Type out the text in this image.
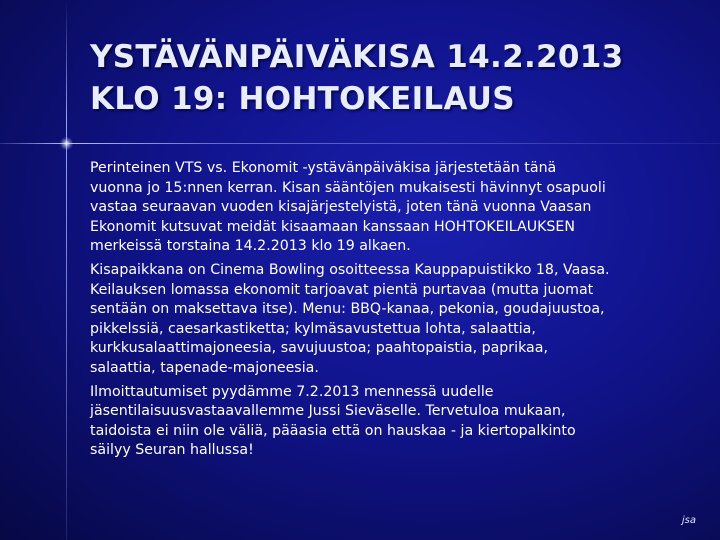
YSTÄVÄNPÄIVÄKISA 14.2.2013
KLO 19: HOHTOKEILAUS

Perinteinen VTS vs. Ekonomit -ystävänpäiväkisa järjestetään tänä
vuonna jo 15:nnen kerran. Kisan sääntöjen mukaisesti hävinnyt osapuoli
vastaa seuraavan vuoden kisajärjestelyistä, joten tänä vuonna Vaasan
Ekonomit kutsuvat meidät kisaamaan kanssaan HOHTOKEILAUKSEN
merkeissä torstaina 14.2.2013 klo 19 alkaen.

Kisapaikkana on Cinema Bowling osoitteessa Kauppapuistikko 18, Vaasa.
Keilauksen lomassa ekonomit tarjoavat pientä purtavaa (mutta juomat
sentään on maksettava itse). Menu: BBQ-kanaa, pekonia, goudajuustoa,
pikkelssiä, caesarkastiketta; kylmäsavustettua lohta, salaattia,
kurkkusalaattimajoneesia, savujuustoa; paahtopaistia, paprikaa,
salaattia, tapenade-majoneesia.

Ilmoittautumiset pyydämme 7.2.2013 mennessä uudelle
jäsentilaisuusvastaavallemme Jussi Sieväselle. Tervetuloa mukaan,
taidoista ei niin ole väliä, pääasia että on hauskaa - ja kiertopalkinto
säilyy Seuran hallussa!

jsa
